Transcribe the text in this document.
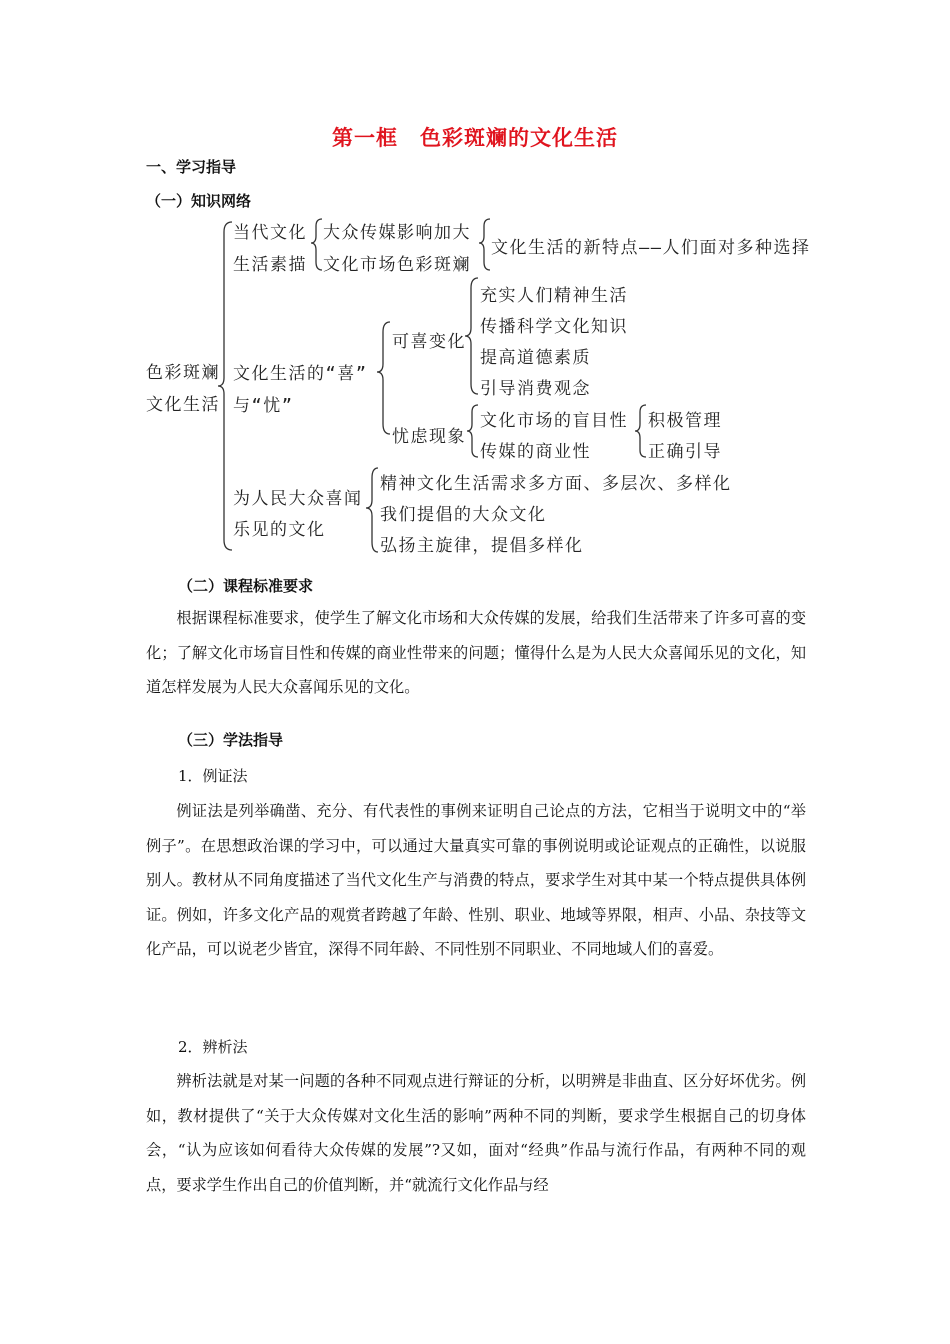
第一框　色彩斑斓的文化生活
一、学习指导
（一）知识网络
色彩斑斓
文化生活
当代文化
生活素描
大众传媒影响加大
文化市场色彩斑斓
文化生活的新特点——人们面对多种选择
文化生活的“喜”
与“忧”
可喜变化
充实人们精神生活
传播科学文化知识
提高道德素质
引导消费观念
忧虑现象
文化市场的盲目性
传媒的商业性
积极管理
正确引导
为人民大众喜闻
乐见的文化
精神文化生活需求多方面、多层次、多样化
我们提倡的大众文化
弘扬主旋律，提倡多样化
（二）课程标准要求

根据课程标准要求，使学生了解文化市场和大众传媒的发展，给我们生活带来了许多可喜的变化；了解文化市场盲目性和传媒的商业性带来的问题；懂得什么是为人民大众喜闻乐见的文化，知道怎样发展为人民大众喜闻乐见的文化。

（三）学法指导
1．例证法

例证法是列举确凿、充分、有代表性的事例来证明自己论点的方法，它相当于说明文中的“举例子”。在思想政治课的学习中，可以通过大量真实可靠的事例说明或论证观点的正确性，以说服别人。教材从不同角度描述了当代文化生产与消费的特点，要求学生对其中某一个特点提供具体例证。例如，许多文化产品的观赏者跨越了年龄、性别、职业、地域等界限，相声、小品、杂技等文化产品，可以说老少皆宜，深得不同年龄、不同性别不同职业、不同地域人们的喜爱。

2．辨析法

辨析法就是对某一问题的各种不同观点进行辩证的分析，以明辨是非曲直、区分好坏优劣。例如，教材提供了“关于大众传媒对文化生活的影响”两种不同的判断，要求学生根据自己的切身体会，“认为应该如何看待大众传媒的发展”?又如，面对“经典”作品与流行作品，有两种不同的观点，要求学生作出自己的价值判断，并“就流行文化作品与经
